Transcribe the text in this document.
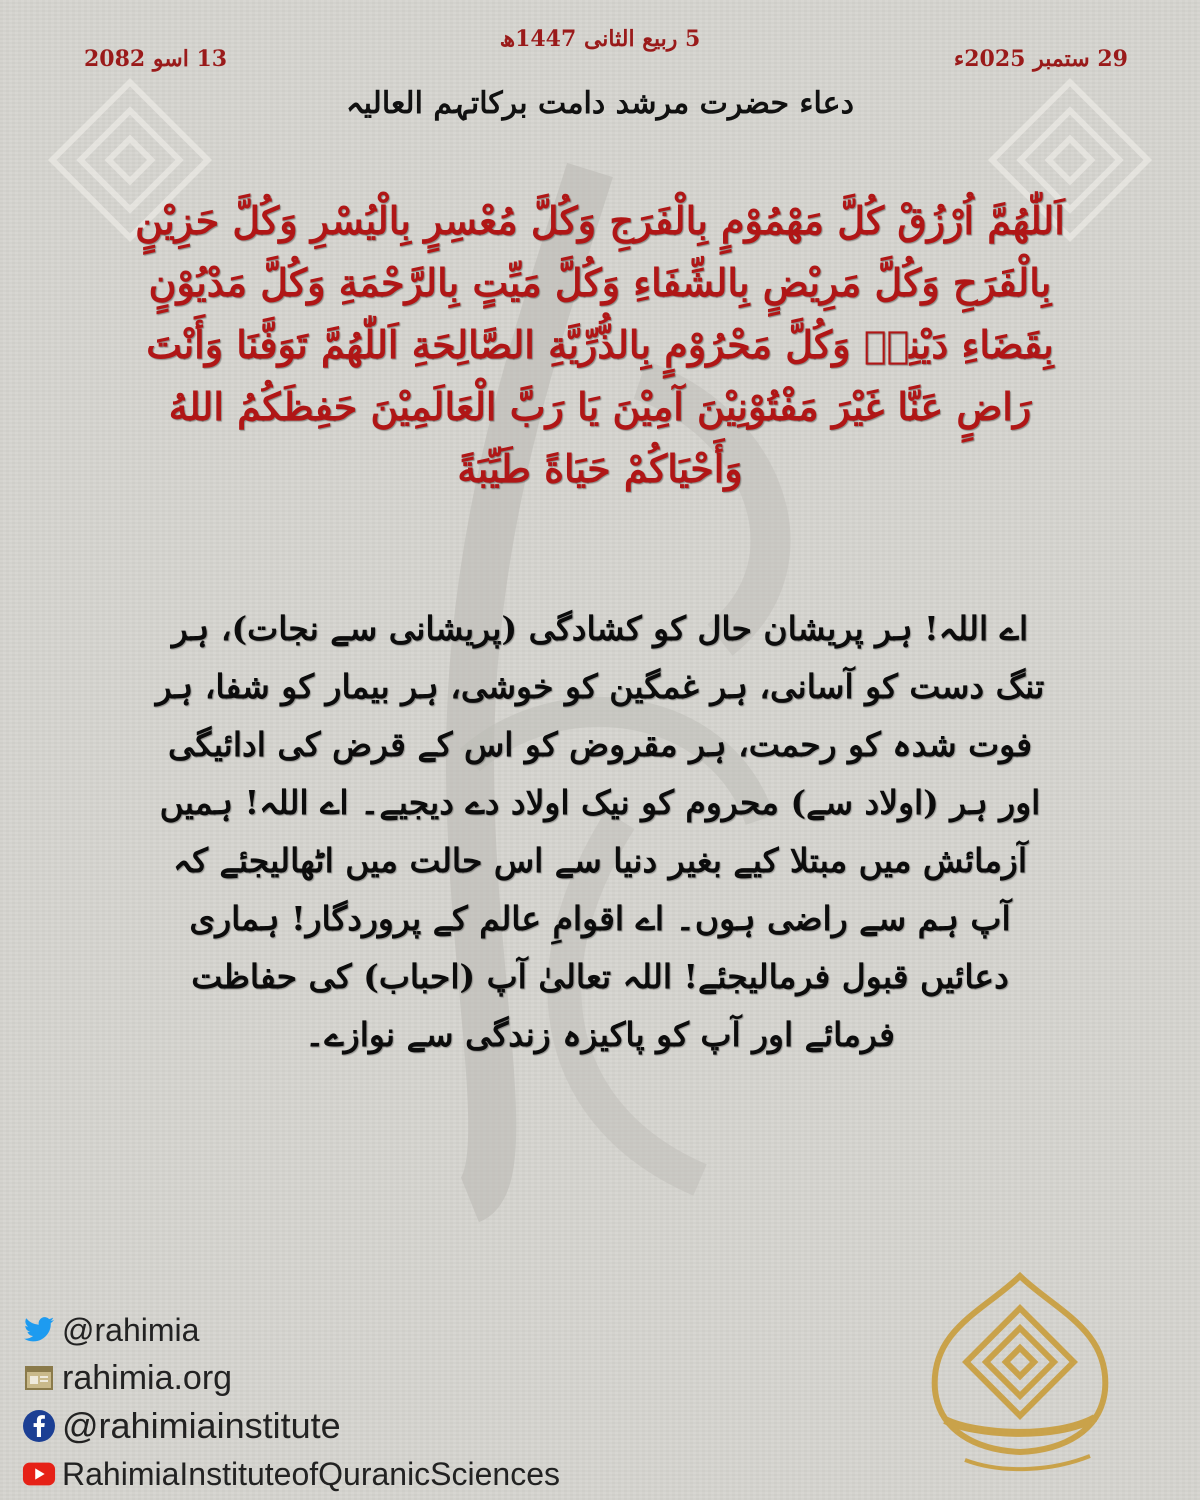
5 ربیع الثانی 1447ھ
13 اسو 2082	29 ستمبر 2025ء
دعاء حضرت مرشد دامت برکاتہم العالیہ
اَللّٰهُمَّ اُرْزُقْ كُلَّ مَهْمُوْمٍ بِالْفَرَجِ وَكُلَّ مُعْسِرٍ بِالْيُسْرِ وَكُلَّ حَزِيْنٍ بِالْفَرَحِ وَكُلَّ مَرِيْضٍ بِالشِّفَاءِ وَكُلَّ مَيِّتٍ بِالرَّحْمَةِ وَكُلَّ مَدْيُوْنٍ بِقَضَاءِ دَيْنِهٖ وَكُلَّ مَحْرُوْمٍ بِالذُّرِّيَّةِ الصَّالِحَةِ اَللّٰهُمَّ تَوَفَّنَا وَأَنْتَ رَاضٍ عَنَّا غَيْرَ مَفْتُوْنِيْنَ آمِيْنَ يَا رَبَّ الْعَالَمِيْنَ حَفِظَكُمُ اللهُ وَأَحْيَاكُمْ حَيَاةً طَيِّبَةً
اے اللہ! ہر پریشان حال کو کشادگی (پریشانی سے نجات)، ہر تنگ دست کو آسانی، ہر غمگین کو خوشی، ہر بیمار کو شفا، ہر فوت شدہ کو رحمت، ہر مقروض کو اس کے قرض کی ادائیگی اور ہر (اولاد سے) محروم کو نیک اولاد دے دیجیے۔ اے اللہ! ہمیں آزمائش میں مبتلا کیے بغیر دنیا سے اس حالت میں اٹھالیجئے کہ آپ ہم سے راضی ہوں۔ اے اقوامِ عالم کے پروردگار! ہماری دعائیں قبول فرمالیجئے! اللہ تعالیٰ آپ (احباب) کی حفاظت فرمائے اور آپ کو پاکیزہ زندگی سے نوازے۔
@rahimia
rahimia.org
@rahimiainstitute
RahimiaInstituteofQuranicSciences
